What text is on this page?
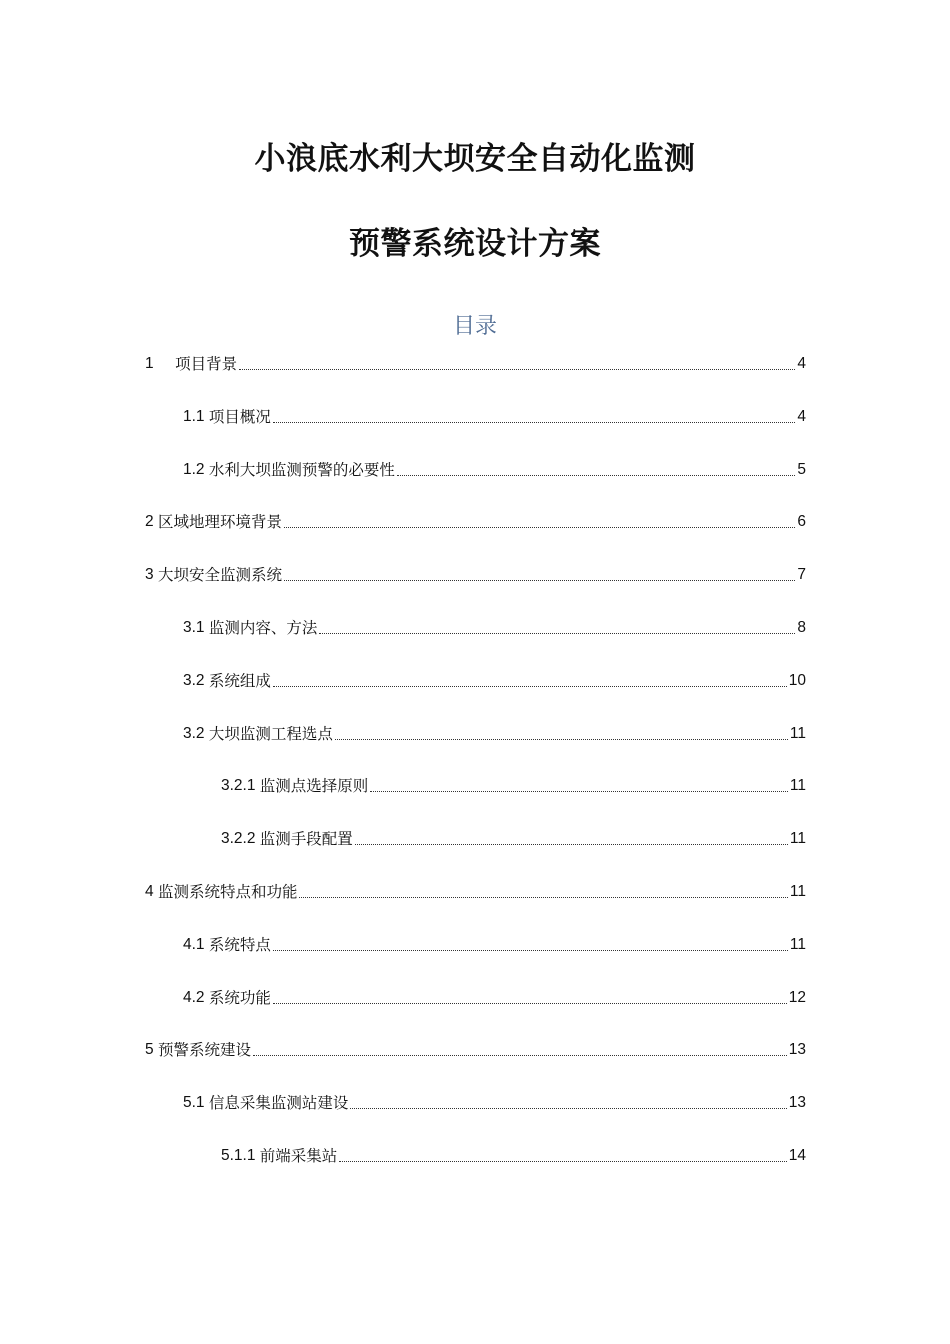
小浪底水利大坝安全自动化监测
预警系统设计方案
目录
1 项目背景	4
1.1 项目概况	4
1.2 水利大坝监测预警的必要性	5
2 区域地理环境背景	6
3 大坝安全监测系统	7
3.1 监测内容、方法	8
3.2 系统组成	10
3.2 大坝监测工程选点	11
3.2.1 监测点选择原则	11
3.2.2 监测手段配置	11
4 监测系统特点和功能	11
4.1 系统特点	11
4.2 系统功能	12
5 预警系统建设	13
5.1 信息采集监测站建设	13
5.1.1 前端采集站	14
